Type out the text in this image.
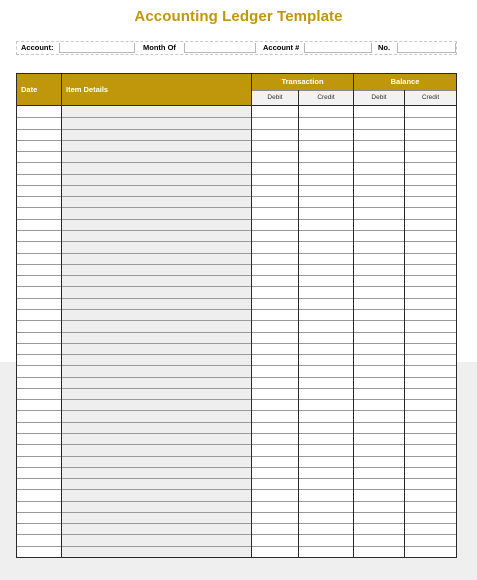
Accounting Ledger Template
Account:	Month Of	Account #	No.
Date	Item Details
Transaction	Balance
Debit	Credit	Debit	Credit
